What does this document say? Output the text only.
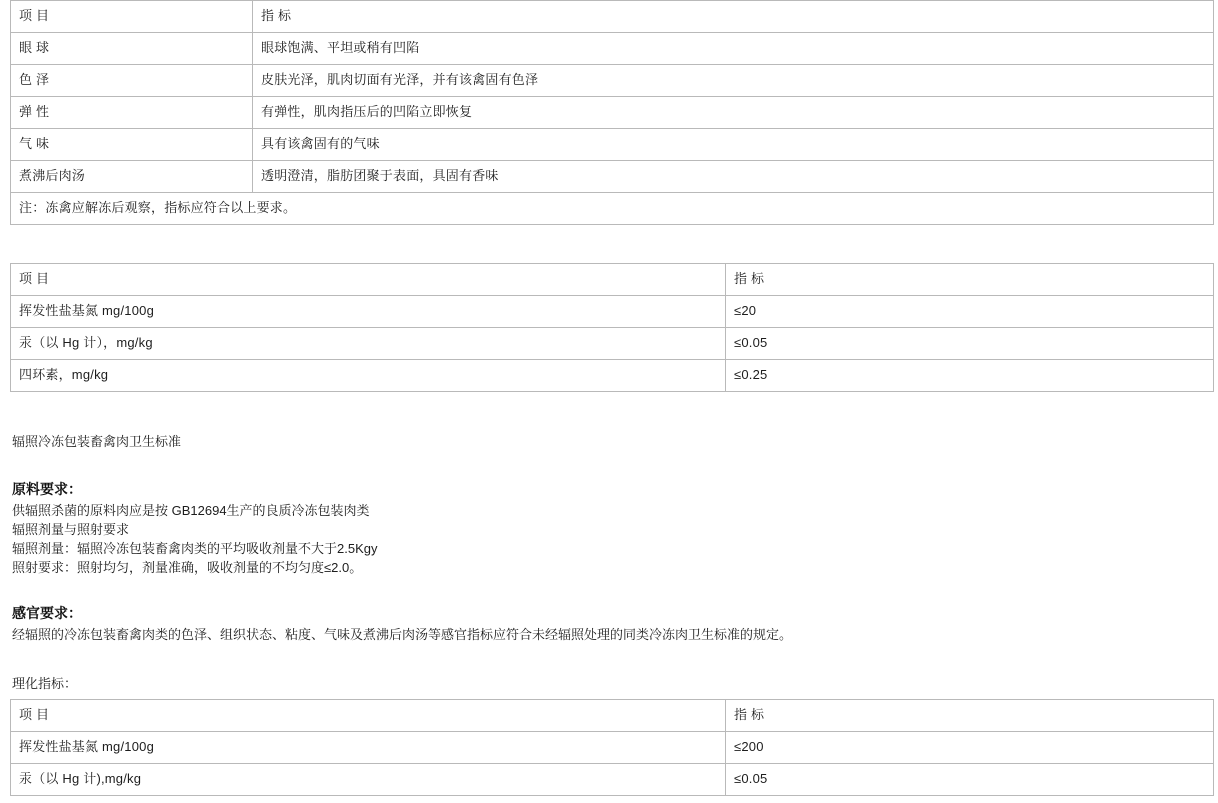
项 目	指 标
眼 球	眼球饱满、平坦或稍有凹陷
色 泽	皮肤光泽，肌肉切面有光泽，并有该禽固有色泽
弹 性	有弹性，肌肉指压后的凹陷立即恢复
气 味	具有该禽固有的气味
煮沸后肉汤	透明澄清，脂肪团聚于表面，具固有香味
注：冻禽应解冻后观察，指标应符合以上要求。	
项 目	指 标
挥发性盐基氮 mg/100g	≤20
汞（以 Hg 计），mg/kg	≤0.05
四环素，mg/kg	≤0.25

辐照冷冻包装畜禽肉卫生标准

原料要求：

供辐照杀菌的原料肉应是按 GB12694生产的良质冷冻包装肉类

辐照剂量与照射要求

辐照剂量：辐照冷冻包装畜禽肉类的平均吸收剂量不大于2.5Kgy

照射要求：照射均匀，剂量准确，吸收剂量的不均匀度≤2.0。

感官要求：

经辐照的冷冻包装畜禽肉类的色泽、组织状态、粘度、气味及煮沸后肉汤等感官指标应符合未经辐照处理的同类冷冻肉卫生标准的规定。

理化指标：

项 目	指 标
挥发性盐基氮 mg/100g	≤200
汞（以 Hg 计),mg/kg	≤0.05
